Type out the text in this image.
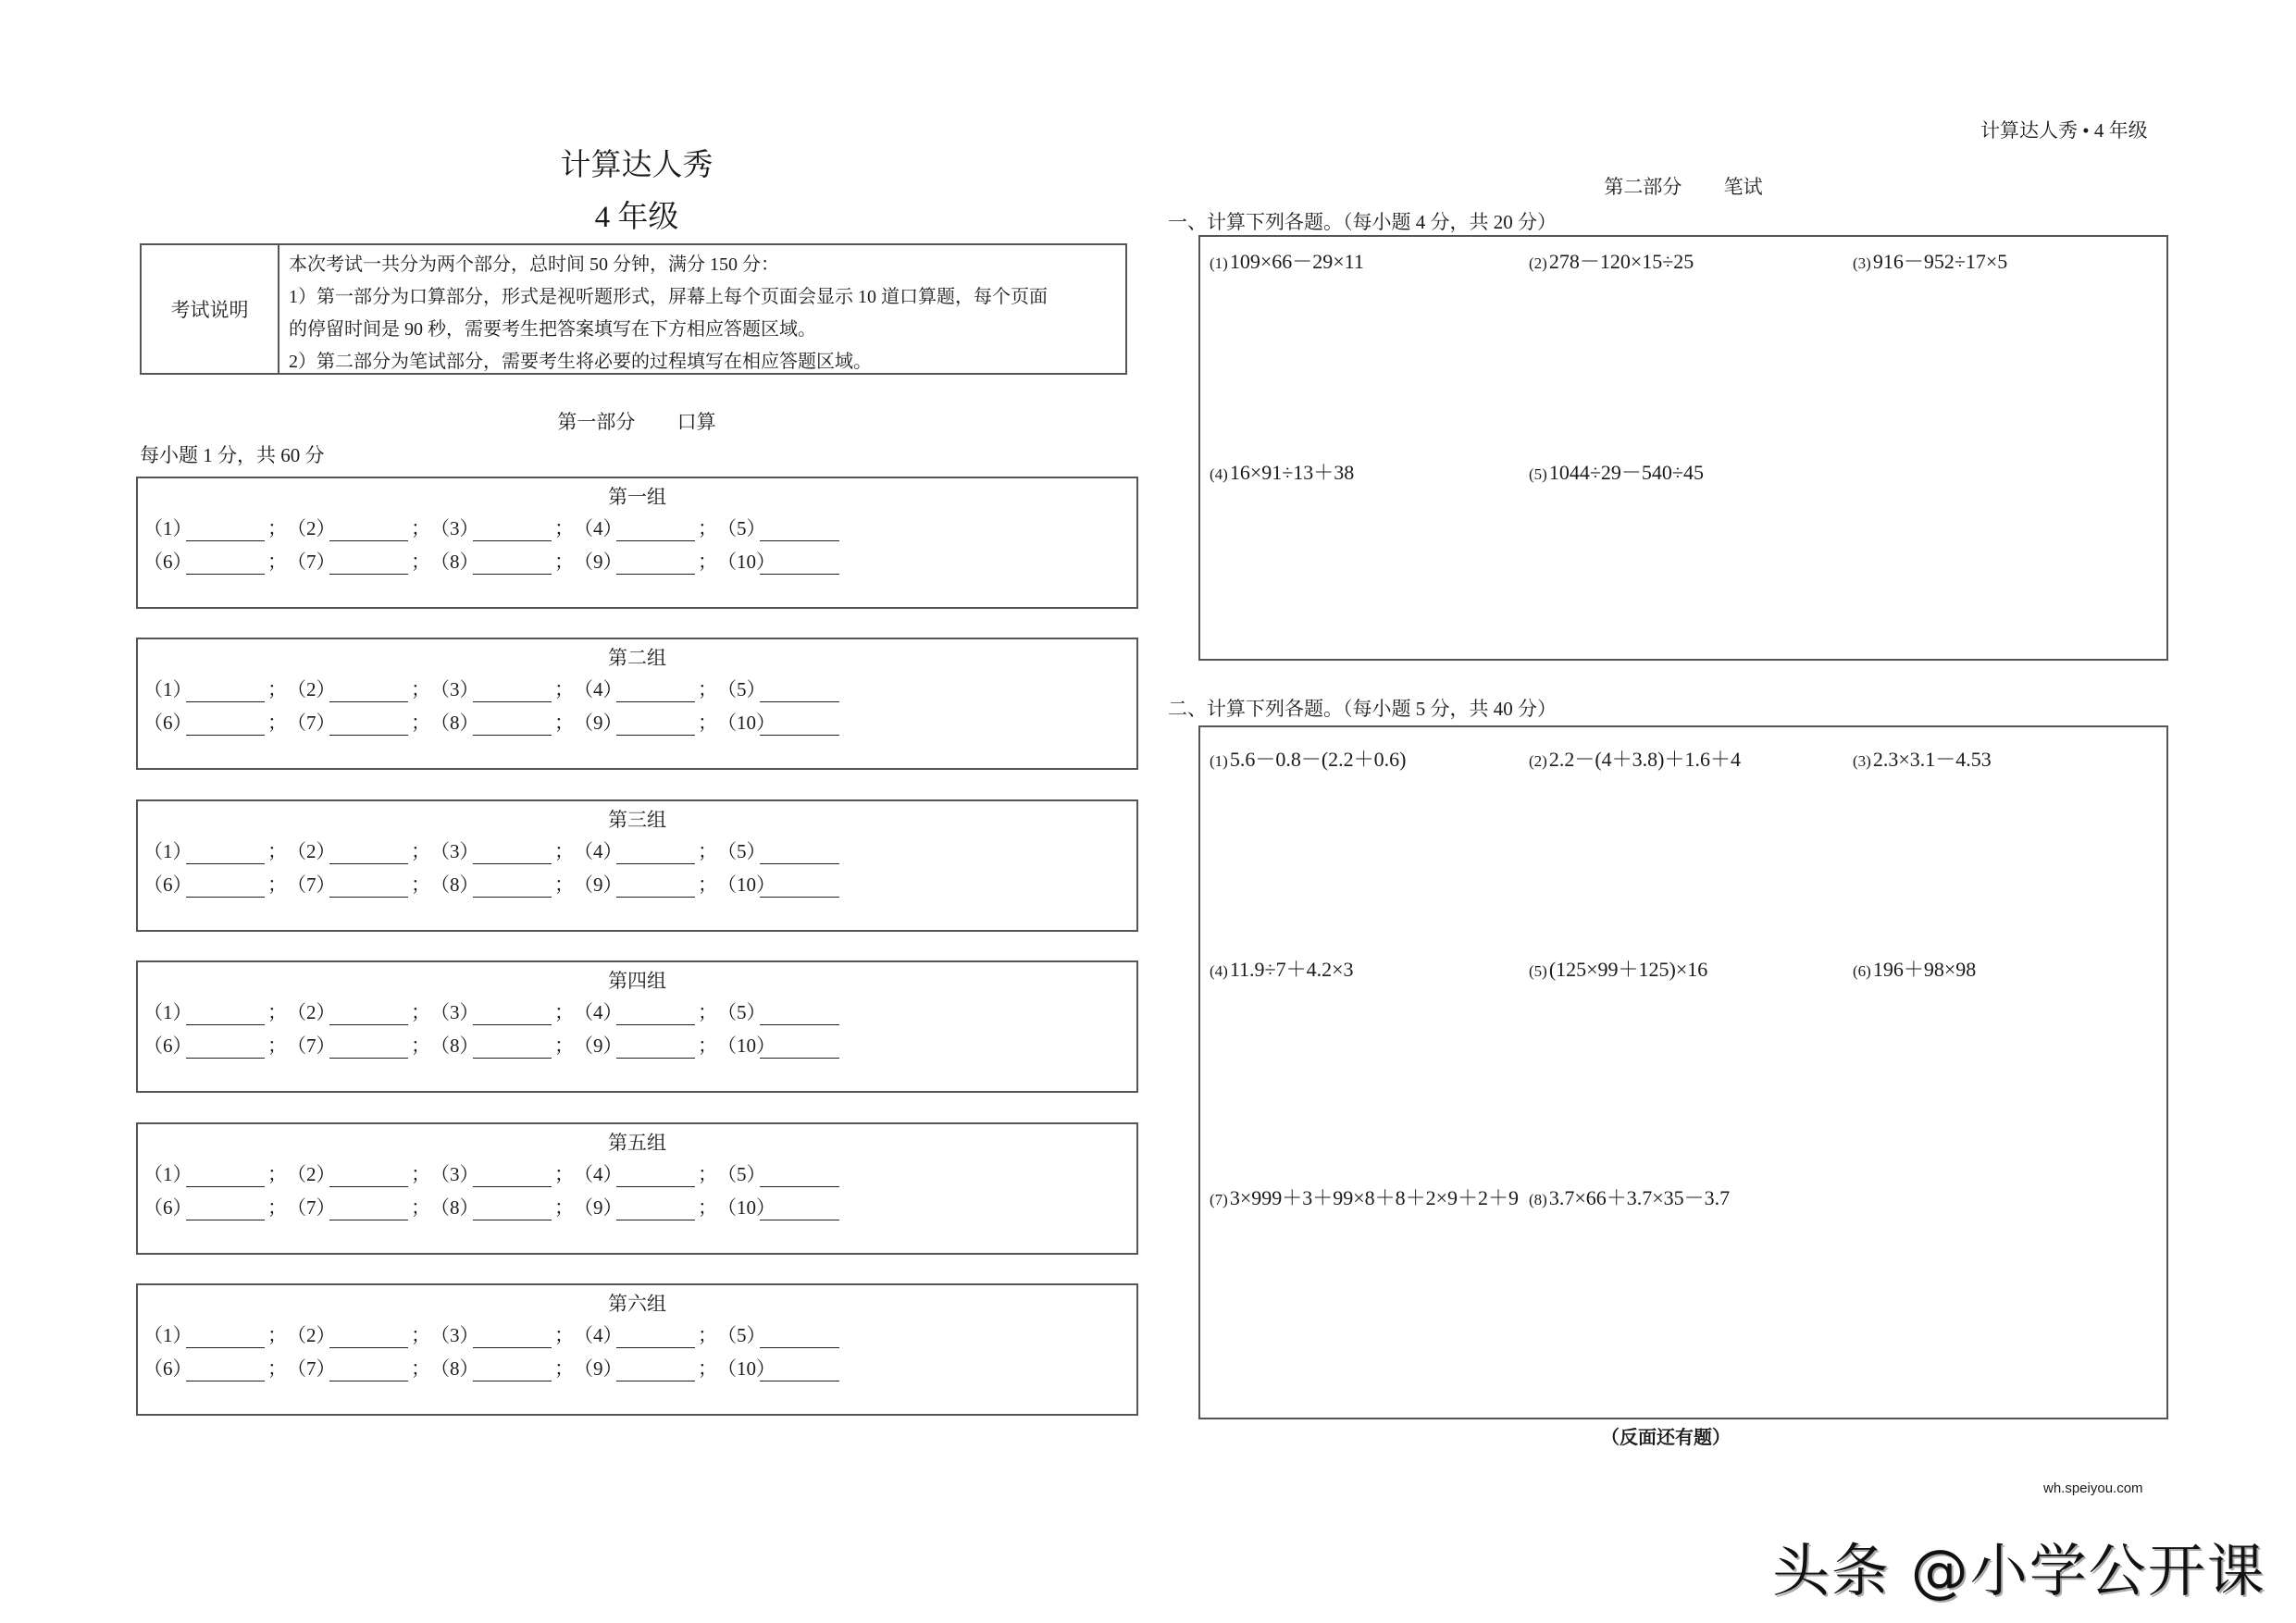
计算达人秀 • 4 年级
计算达人秀
4 年级
考试说明
本次考试一共分为两个部分，总时间 50 分钟，满分 150 分：
1）第一部分为口算部分，形式是视听题形式，屏幕上每个页面会显示 10 道口算题，每个页面
的停留时间是 90 秒，需要考生把答案填写在下方相应答题区域。
2）第二部分为笔试部分，需要考生将必要的过程填写在相应答题区域。
第一部分 口算
每小题 1 分，共 60 分
第一组
（1）	； （2）	； （3）	； （4）	； （5）
（6）	； （7）	； （8）	； （9）	； （10）
第二组
（1）	； （2）	； （3）	； （4）	； （5）
（6）	； （7）	； （8）	； （9）	； （10）
第三组
（1）	； （2）	； （3）	； （4）	； （5）
（6）	； （7）	； （8）	； （9）	； （10）
第四组
（1）	； （2）	； （3）	； （4）	； （5）
（6）	； （7）	； （8）	； （9）	； （10）
第五组
（1）	； （2）	； （3）	； （4）	； （5）
（6）	； （7）	； （8）	； （9）	； （10）
第六组
（1）	； （2）	； （3）	； （4）	； （5）
（6）	； （7）	； （8）	； （9）	； （10）
第二部分 笔试
一、计算下列各题。（每小题 4 分，共 20 分）
(1)109×66－29×11	(2)278－120×15÷25	(3)916－952÷17×5
(4)16×91÷13＋38	(5)1044÷29－540÷45
二、计算下列各题。（每小题 5 分，共 40 分）
(1)5.6－0.8－(2.2＋0.6)	(2)2.2－(4＋3.8)＋1.6＋4	(3)2.3×3.1－4.53
(4)11.9÷7＋4.2×3	(5)(125×99＋125)×16	(6)196＋98×98
(7)3×999＋3＋99×8＋8＋2×9＋2＋9 (8)3.7×66＋3.7×35－3.7
（反面还有题）
wh.speiyou.com
头条 @小学公开课
